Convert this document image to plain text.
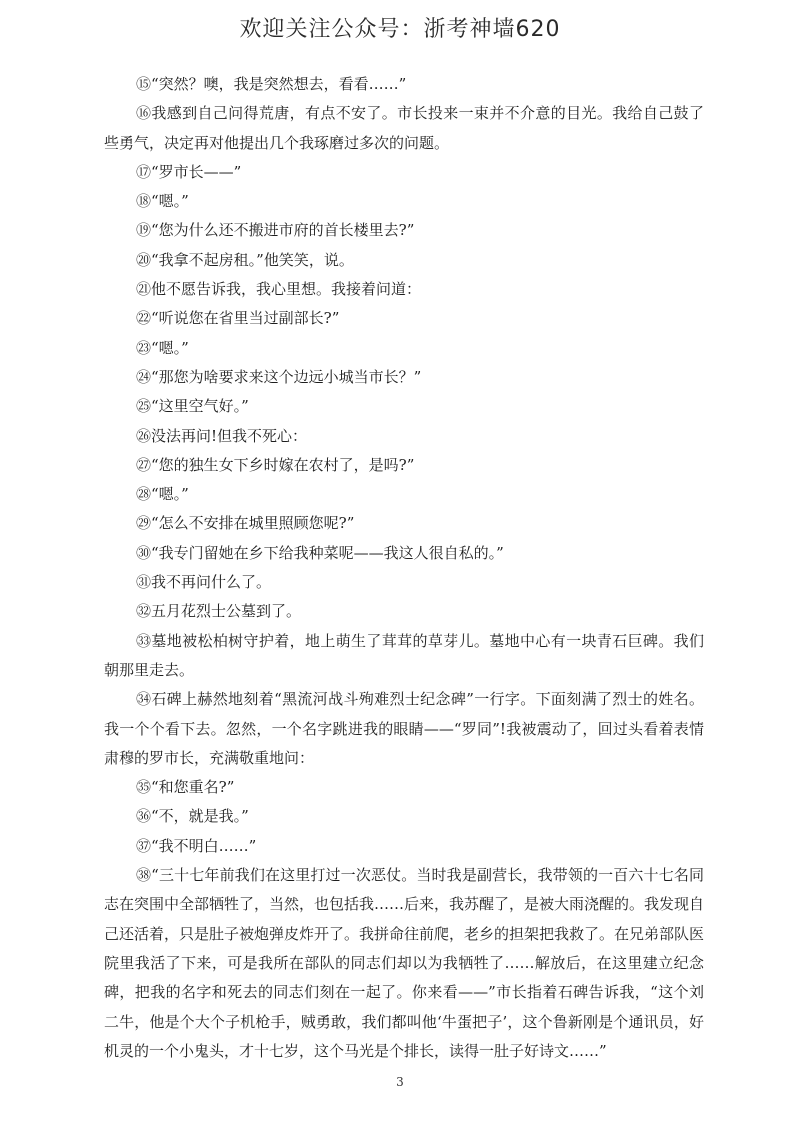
欢迎关注公众号：浙考神墙620

⑮“突然？噢，我是突然想去，看看……”

⑯我感到自己问得荒唐，有点不安了。市长投来一束并不介意的目光。我给自己鼓了些勇气，决定再对他提出几个我琢磨过多次的问题。

⑰“罗市长——”

⑱“嗯。”

⑲“您为什么还不搬进市府的首长楼里去?”

⑳“我拿不起房租。”他笑笑，说。

㉑他不愿告诉我，我心里想。我接着问道：

㉒“听说您在省里当过副部长?”

㉓“嗯。”

㉔“那您为啥要求来这个边远小城当市长？”

㉕“这里空气好。”

㉖没法再问!但我不死心：

㉗“您的独生女下乡时嫁在农村了，是吗?”

㉘“嗯。”

㉙“怎么不安排在城里照顾您呢?”

㉚“我专门留她在乡下给我种菜呢——我这人很自私的。”

㉛我不再问什么了。

㉜五月花烈士公墓到了。

㉝墓地被松柏树守护着，地上萌生了茸茸的草芽儿。墓地中心有一块青石巨碑。我们朝那里走去。

㉞石碑上赫然地刻着“黑流河战斗殉难烈士纪念碑”一行字。下面刻满了烈士的姓名。我一个个看下去。忽然，一个名字跳进我的眼睛——“罗同”!我被震动了，回过头看着表情肃穆的罗市长，充满敬重地问：

㉟“和您重名?”

㊱“不，就是我。”

㊲“我不明白……”

㊳“三十七年前我们在这里打过一次恶仗。当时我是副营长，我带领的一百六十七名同志在突围中全部牺牲了，当然，也包括我……后来，我苏醒了，是被大雨浇醒的。我发现自己还活着，只是肚子被炮弹皮炸开了。我拼命往前爬，老乡的担架把我救了。在兄弟部队医院里我活了下来，可是我所在部队的同志们却以为我牺牲了……解放后，在这里建立纪念碑，把我的名字和死去的同志们刻在一起了。你来看——”市长指着石碑告诉我，“这个刘二牛，他是个大个子机枪手，贼勇敢，我们都叫他‘牛蛋把子’，这个鲁新刚是个通讯员，好机灵的一个小鬼头，才十七岁，这个马光是个排长，读得一肚子好诗文……”

3
